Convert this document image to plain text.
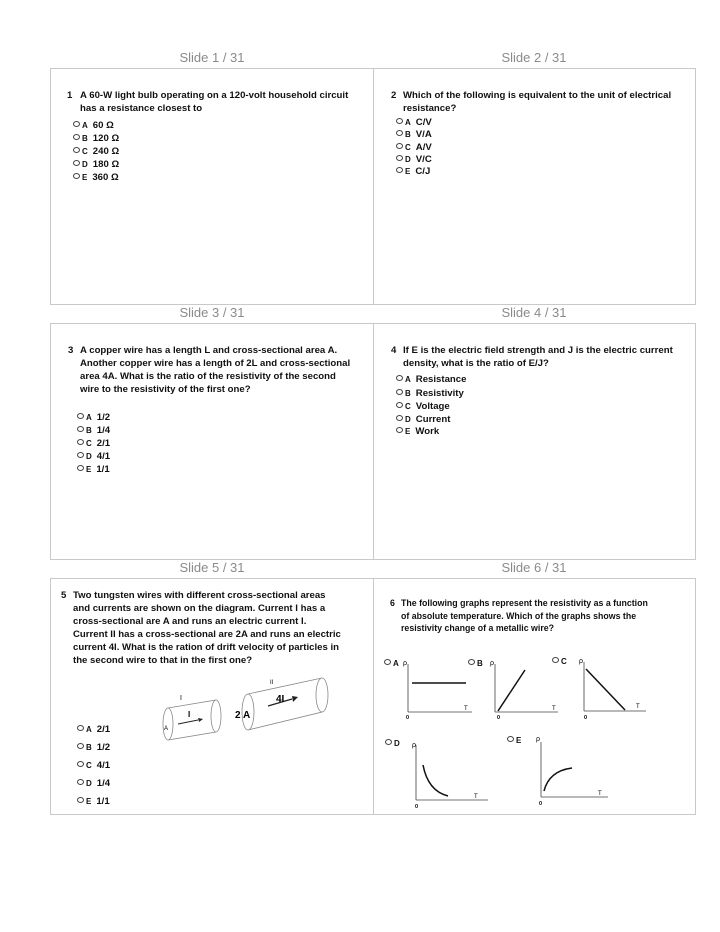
Slide 1 / 31	Slide 2 / 31
Slide 3 / 31	Slide 4 / 31
Slide 5 / 31	Slide 6 / 31
1 A 60-W light bulb operating on a 120-volt household circuit has a resistance closest to
A 60 Ω
B 120 Ω
C 240 Ω
D 180 Ω
E 360 Ω
2 Which of the following is equivalent to the unit of electrical resistance?
A C/V
B V/A
C A/V
D V/C
E C/J
3 A copper wire has a length L and cross-sectional area A. Another copper wire has a length of 2L and cross-sectional area 4A. What is the ratio of the resistivity of the second wire to the resistivity of the first one?
A 1/2
B 1/4
C 2/1
D 4/1
E 1/1
4 If E is the electric field strength and J is the electric current density, what is the ratio of E/J?
A Resistance
B Resistivity
C Voltage
D Current
E Work
5 Two tungsten wires with different cross-sectional areas and currents are shown on the diagram. Current I has a cross-sectional are A and runs an electric current I. Current II has a cross-sectional are 2A and runs an electric current 4I. What is the ration of drift velocity of particles in the second wire to that in the first one?
I
I
A
II
4I
2 A
A 2/1
B 1/2
C 4/1
D 1/4
E 1/1
6 The following graphs represent the resistivity as a function of absolute temperature. Which of the graphs shows the resistivity change of a metallic wire?
A ρ
T
0
B ρ
T
0
C ρ
T
0
D ρ
T
0
E ρ
T
0
